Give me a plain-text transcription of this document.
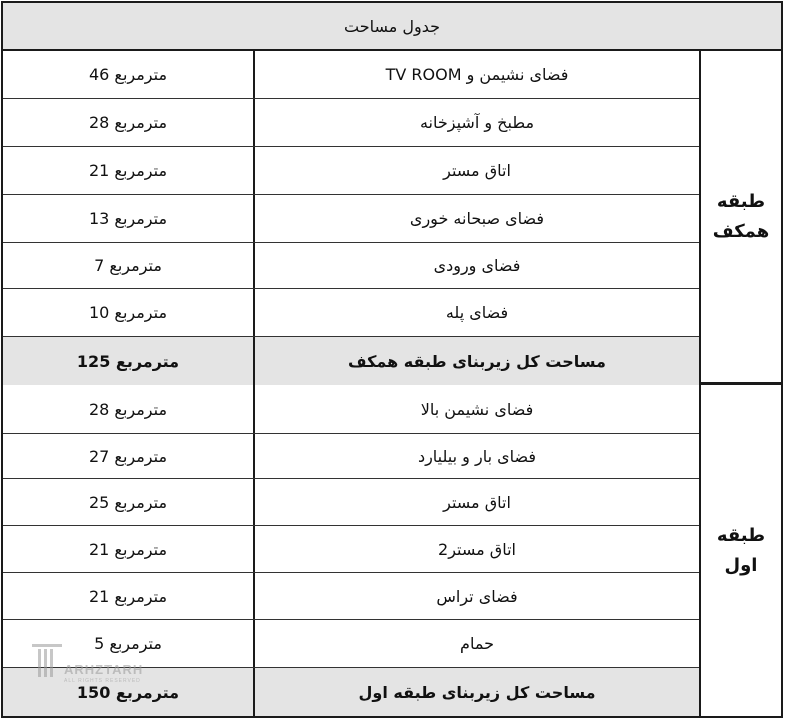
جدول مساحت
طبقه
همکف
مترمربع 46	فضای نشیمن و TV ROOM
مترمربع 28	مطبخ و آشپزخانه
مترمربع 21	اتاق مستر
مترمربع 13	فضای صبحانه خوری
مترمربع 7	فضای ورودی
مترمربع 10	فضای پله
مترمربع 125	مساحت کل زیربنای طبقه همکف
طبقه
اول
مترمربع 28	فضای نشیمن بالا
مترمربع 27	فضای بار و بیلیارد
مترمربع 25	اتاق مستر
مترمربع 21	اتاق مستر2
مترمربع 21	فضای تراس
مترمربع 5	حمام
مترمربع 150	مساحت کل زیربنای طبقه اول
ARHZTARH
ALL RIGHTS RESERVED
